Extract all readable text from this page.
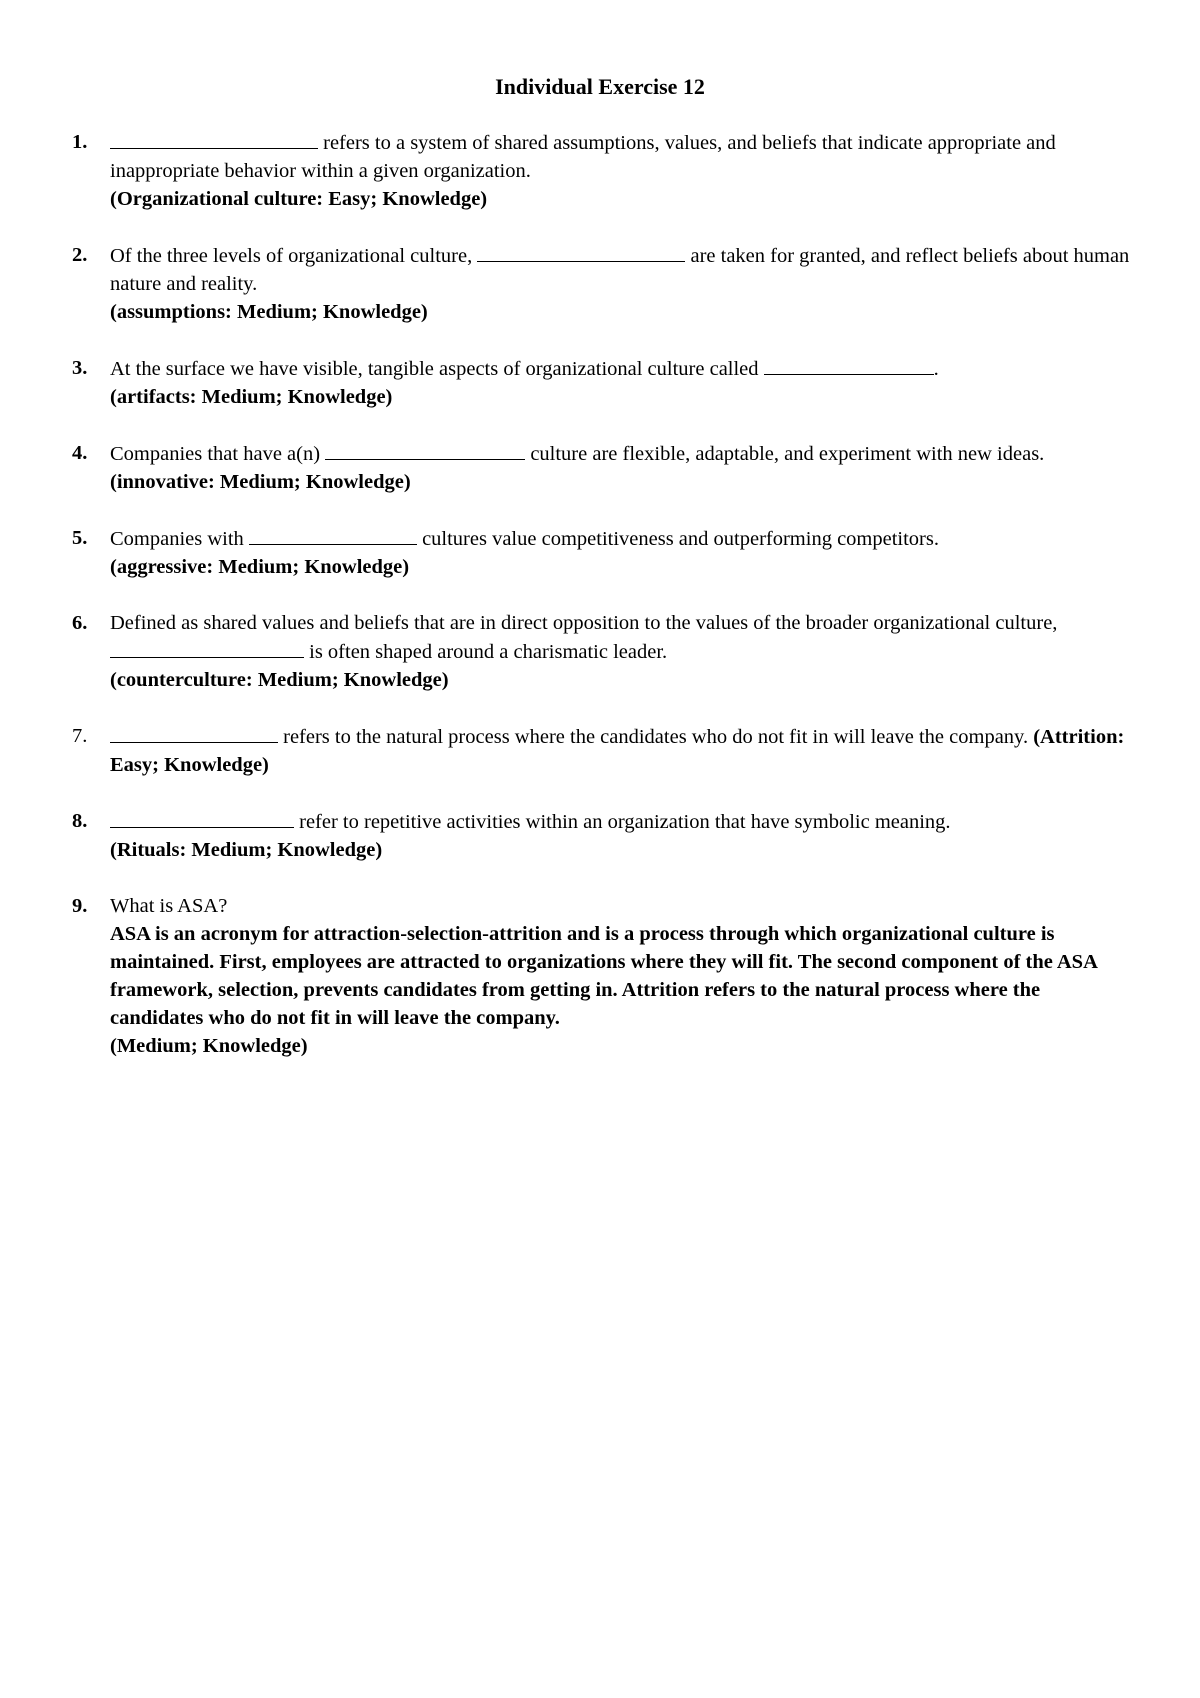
Individual Exercise 12
1.	refers to a system of shared assumptions, values, and beliefs that indicate appropriate and inappropriate behavior within a given organization.
(Organizational culture: Easy; Knowledge)
2. Of the three levels of organizational culture,	are taken for granted, and reflect beliefs about human nature and reality.
(assumptions: Medium; Knowledge)
3. At the surface we have visible, tangible aspects of organizational culture called	.
(artifacts: Medium; Knowledge)
4. Companies that have a(n)	culture are flexible, adaptable, and experiment with new ideas. (innovative: Medium; Knowledge)
5. Companies with	cultures value competitiveness and outperforming competitors.
(aggressive: Medium; Knowledge)
6. Defined as shared values and beliefs that are in direct opposition to the values of the broader organizational culture,  is often shaped around a charismatic leader.
(counterculture: Medium; Knowledge)
7.	refers to the natural process where the candidates who do not fit in will leave the company. (Attrition: Easy; Knowledge)
8.	refer to repetitive activities within an organization that have symbolic meaning.
(Rituals: Medium; Knowledge)
9. What is ASA?
ASA is an acronym for attraction-selection-attrition and is a process through which organizational culture is maintained. First, employees are attracted to organizations where they will fit. The second component of the ASA framework, selection, prevents candidates from getting in. Attrition refers to the natural process where the candidates who do not fit in will leave the company.
(Medium; Knowledge)
